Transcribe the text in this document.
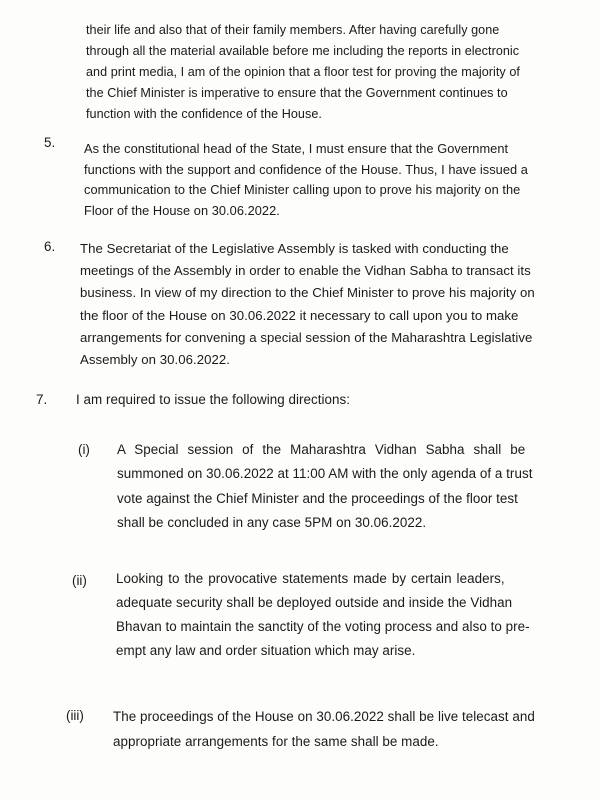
their life and also that of their family members. After having carefully gone
through all the material available before me including the reports in electronic
and print media, I am of the opinion that a floor test for proving the majority of
the Chief Minister is imperative to ensure that the Government continues to
function with the confidence of the House.
5. As the constitutional head of the State, I must ensure that the Government
functions with the support and confidence of the House. Thus, I have issued a
communication to the Chief Minister calling upon to prove his majority on the
Floor of the House on 30.06.2022.
6. The Secretariat of the Legislative Assembly is tasked with conducting the
meetings of the Assembly in order to enable the Vidhan Sabha to transact its
business. In view of my direction to the Chief Minister to prove his majority on
the floor of the House on 30.06.2022 it necessary to call upon you to make
arrangements for convening a special session of the Maharashtra Legislative
Assembly on 30.06.2022.
7. I am required to issue the following directions:
(i) A Special session of the Maharashtra Vidhan Sabha shall be
summoned on 30.06.2022 at 11:00 AM with the only agenda of a trust
vote against the Chief Minister and the proceedings of the floor test
shall be concluded in any case 5PM on 30.06.2022.
(ii) Looking to the provocative statements made by certain leaders,
adequate security shall be deployed outside and inside the Vidhan
Bhavan to maintain the sanctity of the voting process and also to pre-
empt any law and order situation which may arise.
(iii) The proceedings of the House on 30.06.2022 shall be live telecast and
appropriate arrangements for the same shall be made.
